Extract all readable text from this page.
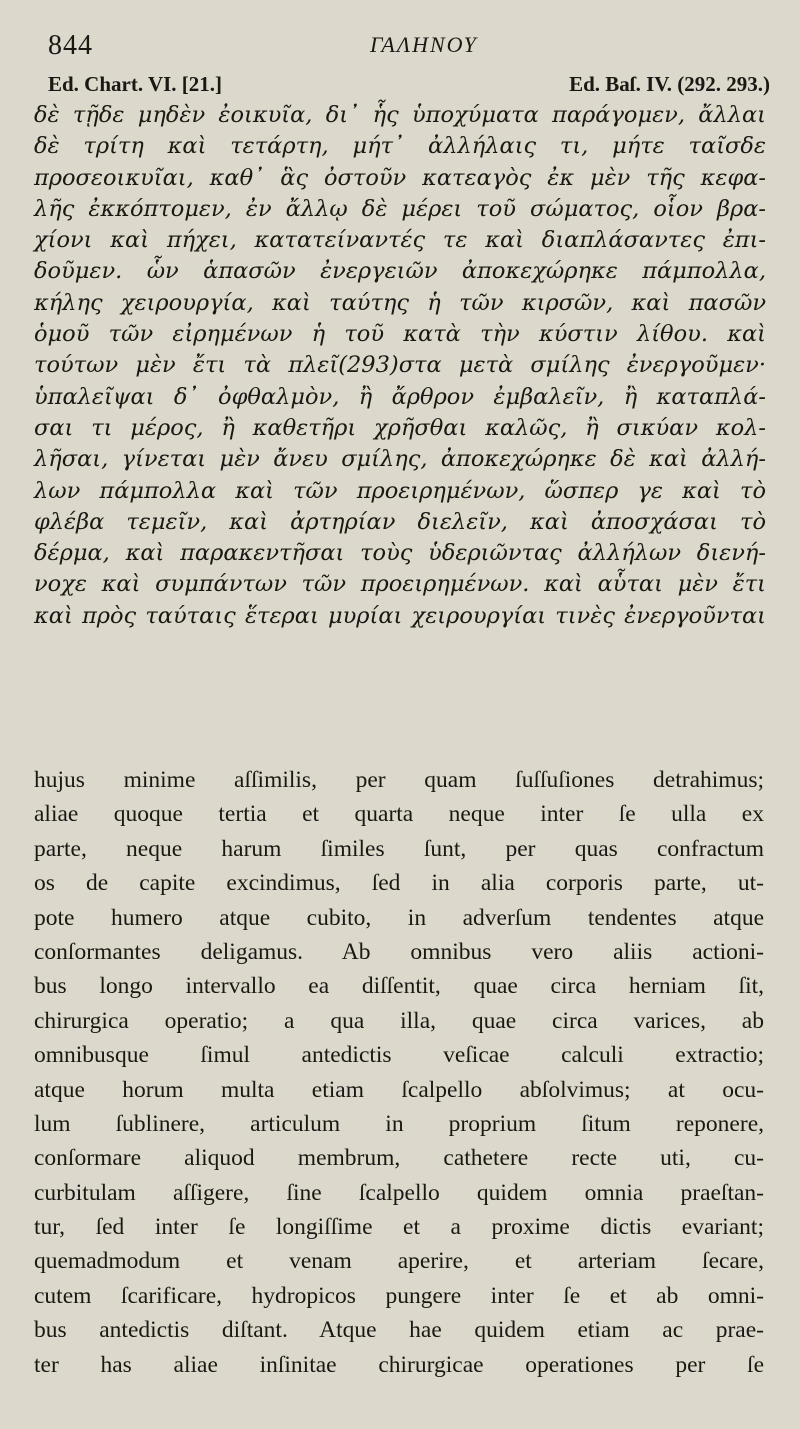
844	ΓΑΛΗΝΟΥ
Ed. Chart. VI. [21.]	Ed. Baſ. IV. (292. 293.)
δὲ τῇδε μηδὲν ἐοικυῖα, δι᾽ ἧς ὑποχύματα παράγομεν, ἄλλαι
δὲ τρίτη καὶ τετάρτη, μήτ᾽ ἀλλήλαις τι, μήτε ταῖσδε
προσεοικυῖαι, καθ᾽ ἃς ὀστοῦν κατεαγὸς ἐκ μὲν τῆς κεφα-
λῆς ἐκκόπτομεν, ἐν ἄλλῳ δὲ μέρει τοῦ σώματος, οἷον βρα-
χίονι καὶ πήχει, κατατείναντές τε καὶ διαπλάσαντες ἐπι-
δοῦμεν. ὧν ἁπασῶν ἐνεργειῶν ἀποκεχώρηκε πάμπολλα,
κήλης χειρουργία, καὶ ταύτης ἡ τῶν κιρσῶν, καὶ πασῶν
ὁμοῦ τῶν εἰρημένων ἡ τοῦ κατὰ τὴν κύστιν λίθου. καὶ
τούτων μὲν ἔτι τὰ πλεῖ(293)στα μετὰ σμίλης ἐνεργοῦμεν·
ὑπαλεῖψαι δ᾽ ὀφθαλμὸν, ἢ ἄρθρον ἐμβαλεῖν, ἢ καταπλά-
σαι τι μέρος, ἢ καθετῆρι χρῆσθαι καλῶς, ἢ σικύαν κολ-
λῆσαι, γίνεται μὲν ἄνευ σμίλης, ἀποκεχώρηκε δὲ καὶ ἀλλή-
λων πάμπολλα καὶ τῶν προειρημένων, ὥσπερ γε καὶ τὸ
φλέβα τεμεῖν, καὶ ἀρτηρίαν διελεῖν, καὶ ἀποσχάσαι τὸ
δέρμα, καὶ παρακεντῆσαι τοὺς ὑδεριῶντας ἀλλήλων διενή-
νοχε καὶ συμπάντων τῶν προειρημένων. καὶ αὗται μὲν ἔτι
καὶ πρὸς ταύταις ἕτεραι μυρίαι χειρουργίαι τινὲς ἐνεργοῦνται
hujus minime aſſimilis, per quam ſuſſuſiones detrahimus;
aliae quoque tertia et quarta neque inter ſe ulla ex
parte, neque harum ſimiles ſunt, per quas confractum
os de capite excindimus, ſed in alia corporis parte, ut-
pote humero atque cubito, in adverſum tendentes atque
conſormantes deligamus. Ab omnibus vero aliis actioni-
bus longo intervallo ea diſſentit, quae circa herniam ſit,
chirurgica operatio; a qua illa, quae circa varices, ab
omnibusque ſimul antedictis veſicae calculi extractio;
atque horum multa etiam ſcalpello abſolvimus; at ocu-
lum ſublinere, articulum in proprium ſitum reponere,
conſormare aliquod membrum, cathetere recte uti, cu-
curbitulam aſſigere, ſine ſcalpello quidem omnia praeſtan-
tur, ſed inter ſe longiſſime et a proxime dictis evariant;
quemadmodum et venam aperire, et arteriam ſecare,
cutem ſcarificare, hydropicos pungere inter ſe et ab omni-
bus antedictis diſtant. Atque hae quidem etiam ac prae-
ter has aliae inſinitae chirurgicae operationes per ſe
